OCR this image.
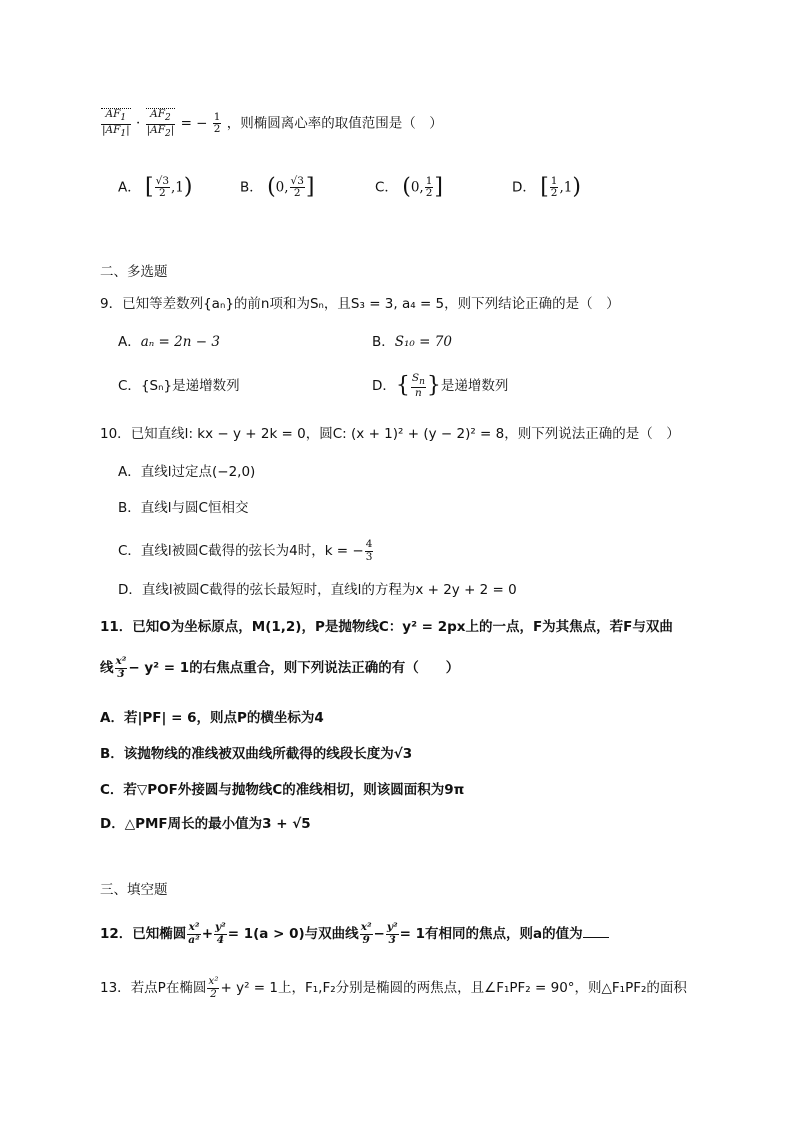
$\frac{AF_1}{|AF_1|} \cdot \frac{AF_2}{|AF_2|}$ = − $\frac{1}{2}$ ，则椭圆离心率的取值范围是（　）
A． [ $\frac{√3}{2} ,1$)	B． (0, $\frac{√3}{2}$ ]	C． (0, $\frac{1}{2}$ ]	D． [ $\frac{1}{2} ,1$)
二、多选题
9．已知等差数列{aₙ}的前n项和为Sₙ，且S₃ = 3, a₄ = 5，则下列结论正确的是（　）
A．aₙ = 2n − 3	B．S₁₀ = 70
C．{Sₙ}是递增数列	D．{ $\frac{S_n}{n}$ }是递增数列
10．已知直线l: kx − y + 2k = 0，圆C: (x + 1)² + (y − 2)² = 8，则下列说法正确的是（　）
A．直线l过定点(−2,0)
B．直线l与圆C恒相交
C．直线l被圆C截得的弦长为4时，k = − $\frac{4}{3}$
D．直线l被圆C截得的弦长最短时，直线l的方程为x + 2y + 2 = 0
11．已知O为坐标原点，M(1,2)，P是抛物线C：y² = 2px上的一点，F为其焦点，若F与双曲
线 $\frac{\text{x²}}{3} - y^2 = 1$的右焦点重合，则下列说法正确的有（　　）
A．若|PF| = 6，则点P的横坐标为4
B．该抛物线的准线被双曲线所截得的线段长度为√3
C．若▽POF外接圆与抛物线C的准线相切，则该圆面积为9π
D．△PMF周长的最小值为3 + √5
三、填空题
12．已知椭圆 $\frac{\text{x²}}{\text{a²}} + \frac{\text{y²}}{4} = 1(a > 0)$与双曲线 $\frac{\text{x²}}{9} - \frac{\text{y²}}{3} = 1$有相同的焦点，则a的值为
13．若点P在椭圆 $\frac{\text{x²}}{2} + y^2 = 1$上，F₁,F₂分别是椭圆的两焦点，且∠F₁PF₂ = 90°，则△F₁PF₂的面积
